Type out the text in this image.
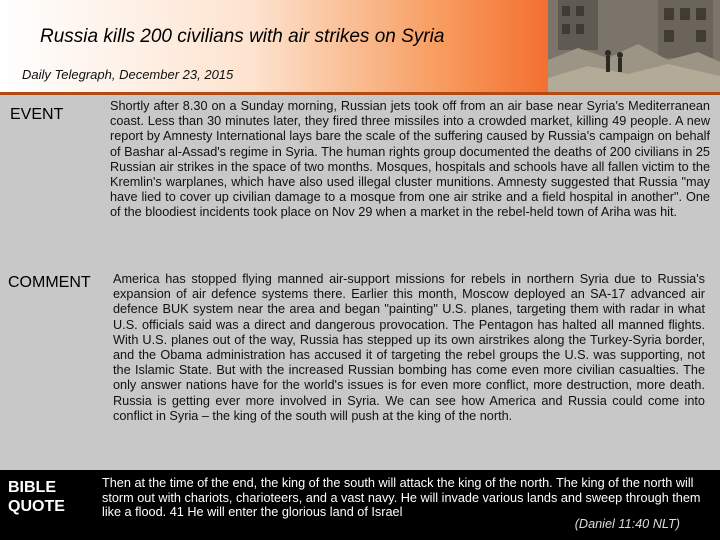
Russia kills 200 civilians with air strikes on Syria
Daily Telegraph, December 23, 2015
EVENT	Shortly after 8.30 on a Sunday morning, Russian jets took off from an air base near Syria's Mediterranean coast. Less than 30 minutes later, they fired three missiles into a crowded market, killing 49 people. A new report by Amnesty International lays bare the scale of the suffering caused by Russia's campaign on behalf of Bashar al-Assad's regime in Syria. The human rights group documented the deaths of 200 civilians in 25 Russian air strikes in the space of two months. Mosques, hospitals and schools have all fallen victim to the Kremlin's warplanes, which have also used illegal cluster munitions. Amnesty suggested that Russia "may have lied to cover up civilian damage to a mosque from one air strike and a field hospital in another". One of the bloodiest incidents took place on Nov 29 when a market in the rebel-held town of Ariha was hit.

COMMENT America has stopped flying manned air-support missions for rebels in northern Syria due to Russia's expansion of air defence systems there. Earlier this month, Moscow deployed an SA-17 advanced air defence BUK system near the area and began "painting" U.S. planes, targeting them with radar in what U.S. officials said was a direct and dangerous provocation. The Pentagon has halted all manned flights. With U.S. planes out of the way, Russia has stepped up its own airstrikes along the Turkey-Syria border, and the Obama administration has accused it of targeting the rebel groups the U.S. was supporting, not the Islamic State. But with the increased Russian bombing has come even more civilian casualties. The only answer nations have for the world's issues is for even more conflict, more destruction, more death. Russia is getting ever more involved in Syria. We can see how America and Russia could come into conflict in Syria – the king of the south will push at the king of the north.

BIBLE QUOTE

Then at the time of the end, the king of the south will attack the king of the north. The king of the north will storm out with chariots, charioteers, and a vast navy. He will invade various lands and sweep through them like a flood. 41 He will enter the glorious land of Israel

(Daniel 11:40 NLT)
